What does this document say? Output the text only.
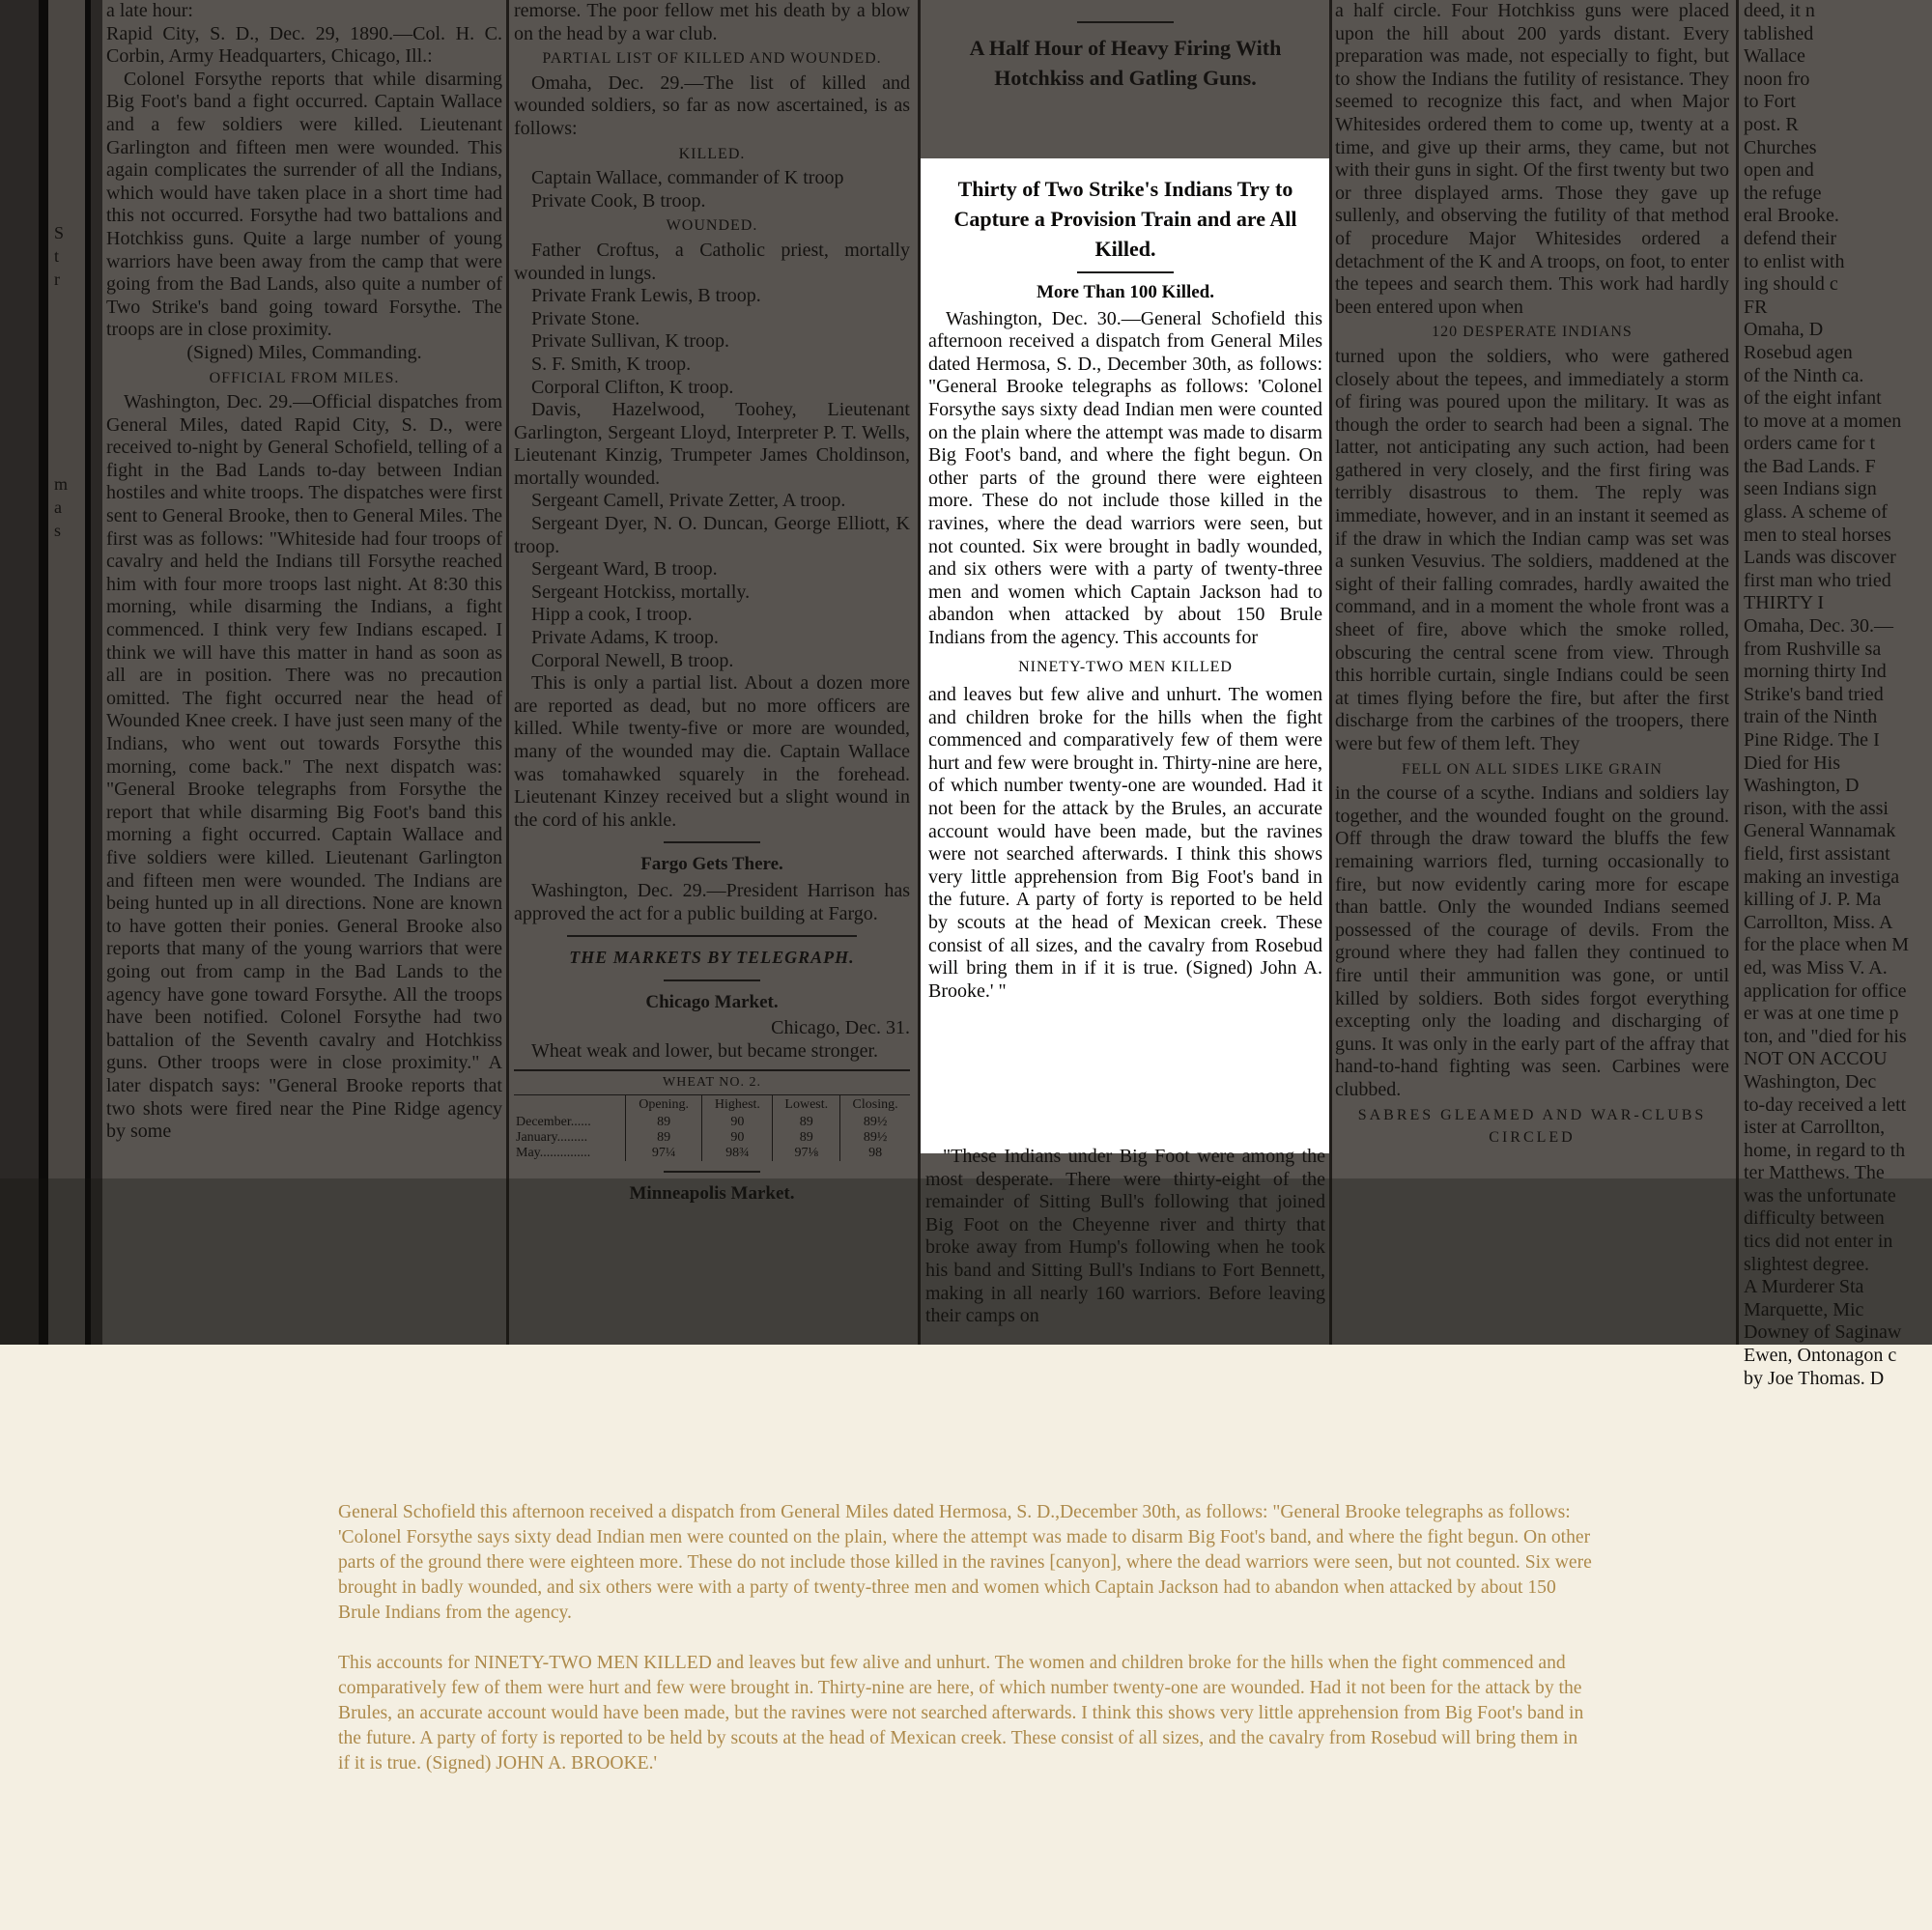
S
t
r
m
a
s

a late hour:

Rapid City, S. D., Dec. 29, 1890.—Col. H. C. Corbin, Army Headquarters, Chicago, Ill.:

Colonel Forsythe reports that while disarming Big Foot's band a fight occurred. Captain Wallace and a few soldiers were killed. Lieutenant Garlington and fifteen men were wounded. This again complicates the surrender of all the Indians, which would have taken place in a short time had this not occurred. Forsythe had two battalions and Hotchkiss guns. Quite a large number of young warriors have been away from the camp that were going from the Bad Lands, also quite a number of Two Strike's band going toward Forsythe. The troops are in close proximity.

(Signed) Miles, Commanding.

OFFICIAL FROM MILES.

Washington, Dec. 29.—Official dispatches from General Miles, dated Rapid City, S. D., were received to-night by General Schofield, telling of a fight in the Bad Lands to-day between Indian hostiles and white troops. The dispatches were first sent to General Brooke, then to General Miles. The first was as follows: "Whiteside had four troops of cavalry and held the Indians till Forsythe reached him with four more troops last night. At 8:30 this morning, while disarming the Indians, a fight commenced. I think very few Indians escaped. I think we will have this matter in hand as soon as all are in position. There was no precaution omitted. The fight occurred near the head of Wounded Knee creek. I have just seen many of the Indians, who went out towards Forsythe this morning, come back." The next dispatch was: "General Brooke telegraphs from Forsythe the report that while disarming Big Foot's band this morning a fight occurred. Captain Wallace and five soldiers were killed. Lieutenant Garlington and fifteen men were wounded. The Indians are being hunted up in all directions. None are known to have gotten their ponies. General Brooke also reports that many of the young warriors that were going out from camp in the Bad Lands to the agency have gone toward Forsythe. All the troops have been notified. Colonel Forsythe had two battalion of the Seventh cavalry and Hotchkiss guns. Other troops were in close proximity." A later dispatch says: "General Brooke reports that two shots were fired near the Pine Ridge agency by some

remorse. The poor fellow met his death by a blow on the head by a war club.

PARTIAL LIST OF KILLED AND WOUNDED.

Omaha, Dec. 29.—The list of killed and wounded soldiers, so far as now ascertained, is as follows:

KILLED.

Captain Wallace, commander of K troop

Private Cook, B troop.

WOUNDED.

Father Croftus, a Catholic priest, mortally wounded in lungs.

Private Frank Lewis, B troop.

Private Stone.

Private Sullivan, K troop.

S. F. Smith, K troop.

Corporal Clifton, K troop.

Davis, Hazelwood, Toohey, Lieutenant Garlington, Sergeant Lloyd, Interpreter P. T. Wells, Lieutenant Kinzig, Trumpeter James Choldinson, mortally wounded.

Sergeant Camell, Private Zetter, A troop.

Sergeant Dyer, N. O. Duncan, George Elliott, K troop.

Sergeant Ward, B troop.

Sergeant Hotckiss, mortally.

Hipp a cook, I troop.

Private Adams, K troop.

Corporal Newell, B troop.

This is only a partial list. About a dozen more are reported as dead, but no more officers are killed. While twenty-five or more are wounded, many of the wounded may die. Captain Wallace was tomahawked squarely in the forehead. Lieutenant Kinzey received but a slight wound in the cord of his ankle.

Fargo Gets There.

Washington, Dec. 29.—President Harrison has approved the act for a public building at Fargo.

THE MARKETS BY TELEGRAPH.

Chicago Market.

Chicago, Dec. 31.

Wheat weak and lower, but became stronger.

WHEAT NO. 2.
	Opening.	Highest.	Lowest.	Closing.
December......	89	90	89	89½
January.........	89	90	89	89½
May...............	97¼	98¾	97⅛	98

Minneapolis Market.

A Half Hour of Heavy Firing With Hotchkiss and Gatling Guns.

Thirty of Two Strike's Indians Try to Capture a Provision Train and are All Killed.

More Than 100 Killed.

Washington, Dec. 30.—General Schofield this afternoon received a dispatch from General Miles dated Hermosa, S. D., December 30th, as follows: "General Brooke telegraphs as follows: 'Colonel Forsythe says sixty dead Indian men were counted on the plain where the attempt was made to disarm Big Foot's band, and where the fight begun. On other parts of the ground there were eighteen more. These do not include those killed in the ravines, where the dead warriors were seen, but not counted. Six were brought in badly wounded, and six others were with a party of twenty-three men and women which Captain Jackson had to abandon when attacked by about 150 Brule Indians from the agency. This accounts for

NINETY-TWO MEN KILLED

and leaves but few alive and unhurt. The women and children broke for the hills when the fight commenced and comparatively few of them were hurt and few were brought in. Thirty-nine are here, of which number twenty-one are wounded. Had it not been for the attack by the Brules, an accurate account would have been made, but the ravines were not searched afterwards. I think this shows very little apprehension from Big Foot's band in the future. A party of forty is reported to be held by scouts at the head of Mexican creek. These consist of all sizes, and the cavalry from Rosebud will bring them in if it is true. (Signed) John A. Brooke.' "

"These Indians under Big Foot were among the most desperate. There were thirty-eight of the remainder of Sitting Bull's following that joined Big Foot on the Cheyenne river and thirty that broke away from Hump's following when he took his band and Sitting Bull's Indians to Fort Bennett, making in all nearly 160 warriors. Before leaving their camps on

a half circle. Four Hotchkiss guns were placed upon the hill about 200 yards distant. Every preparation was made, not especially to fight, but to show the Indians the futility of resistance. They seemed to recognize this fact, and when Major Whitesides ordered them to come up, twenty at a time, and give up their arms, they came, but not with their guns in sight. Of the first twenty but two or three displayed arms. Those they gave up sullenly, and observing the futility of that method of procedure Major Whitesides ordered a detachment of the K and A troops, on foot, to enter the tepees and search them. This work had hardly been entered upon when

120 DESPERATE INDIANS

turned upon the soldiers, who were gathered closely about the tepees, and immediately a storm of firing was poured upon the military. It was as though the order to search had been a signal. The latter, not anticipating any such action, had been gathered in very closely, and the first firing was terribly disastrous to them. The reply was immediate, however, and in an instant it seemed as if the draw in which the Indian camp was set was a sunken Vesuvius. The soldiers, maddened at the sight of their falling comrades, hardly awaited the command, and in a moment the whole front was a sheet of fire, above which the smoke rolled, obscuring the central scene from view. Through this horrible curtain, single Indians could be seen at times flying before the fire, but after the first discharge from the carbines of the troopers, there were but few of them left. They

FELL ON ALL SIDES LIKE GRAIN

in the course of a scythe. Indians and soldiers lay together, and the wounded fought on the ground. Off through the draw toward the bluffs the few remaining warriors fled, turning occasionally to fire, but now evidently caring more for escape than battle. Only the wounded Indians seemed possessed of the courage of devils. From the ground where they had fallen they continued to fire until their ammunition was gone, or until killed by soldiers. Both sides forgot everything excepting only the loading and discharging of guns. It was only in the early part of the affray that hand-to-hand fighting was seen. Carbines were clubbed.

SABRES GLEAMED AND WAR-CLUBS CIRCLED

deed, it n
tablished
Wallace
noon fro
to Fort
post. R
Churches
open and
the refuge
eral Brooke.
defend their
to enlist with
ing should c
FR
Omaha, D
Rosebud agen
of the Ninth ca.
of the eight infant
to move at a momen
orders came for t
the Bad Lands. F
seen Indians sign
glass. A scheme of
men to steal horses
Lands was discover
first man who tried
THIRTY I
Omaha, Dec. 30.—
from Rushville sa
morning thirty Ind
Strike's band tried
train of the Ninth
Pine Ridge. The I
Died for His
Washington, D
rison, with the assi
General Wannamak
field, first assistant
making an investiga
killing of J. P. Ma
Carrollton, Miss. A
for the place when M
ed, was Miss V. A.
application for office
er was at one time p
ton, and "died for his
NOT ON ACCOU
Washington, Dec
to-day received a lett
ister at Carrollton,
home, in regard to th
ter Matthews. The
was the unfortunate
difficulty between
tics did not enter in
slightest degree.
A Murderer Sta
Marquette, Mic
Downey of Saginaw
Ewen, Ontonagon c
by Joe Thomas. D

General Schofield this afternoon received a dispatch from General Miles dated Hermosa, S. D.,December 30th, as follows: "General Brooke telegraphs as follows: 'Colonel Forsythe says sixty dead Indian men were counted on the plain, where the attempt was made to disarm Big Foot's band, and where the fight begun. On other parts of the ground there were eighteen more. These do not include those killed in the ravines [canyon], where the dead warriors were seen, but not counted. Six were brought in badly wounded, and six others were with a party of twenty-three men and women which Captain Jackson had to abandon when attacked by about 150 Brule Indians from the agency.

This accounts for NINETY-TWO MEN KILLED and leaves but few alive and unhurt. The women and children broke for the hills when the fight commenced and comparatively few of them were hurt and few were brought in. Thirty-nine are here, of which number twenty-one are wounded. Had it not been for the attack by the Brules, an accurate account would have been made, but the ravines were not searched afterwards. I think this shows very little apprehension from Big Foot's band in the future. A party of forty is reported to be held by scouts at the head of Mexican creek. These consist of all sizes, and the cavalry from Rosebud will bring them in if it is true. (Signed) JOHN A. BROOKE.'
